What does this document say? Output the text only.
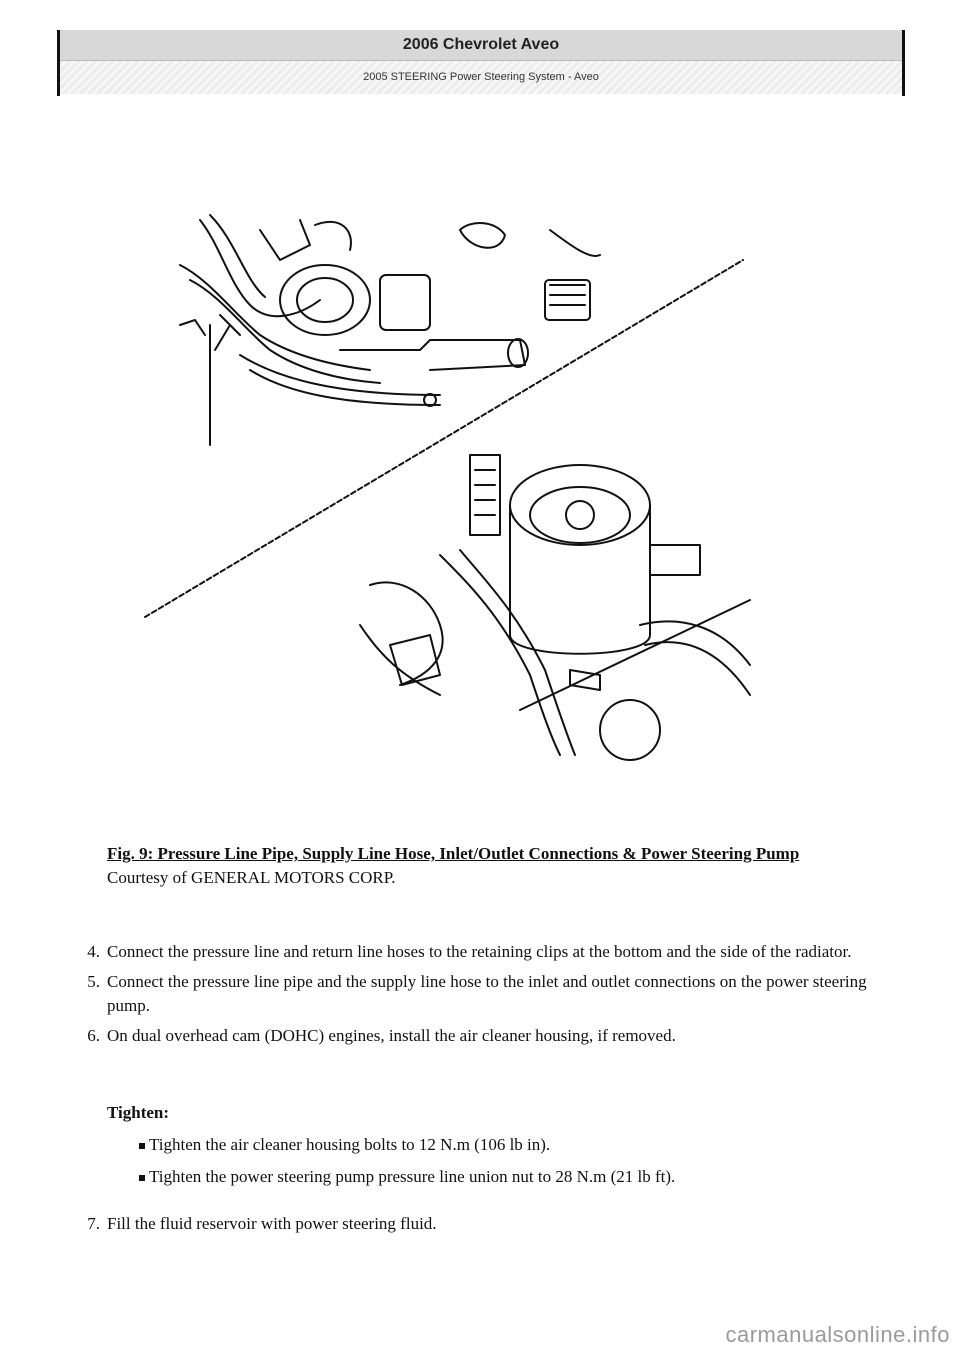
2006 Chevrolet Aveo
2005 STEERING Power Steering System - Aveo
Fig. 9: Pressure Line Pipe, Supply Line Hose, Inlet/Outlet Connections & Power Steering Pump
Courtesy of GENERAL MOTORS CORP.
4. Connect the pressure line and return line hoses to the retaining clips at the bottom and the side of the radiator.
5. Connect the pressure line pipe and the supply line hose to the inlet and outlet connections on the power steering pump.
6. On dual overhead cam (DOHC) engines, install the air cleaner housing, if removed.
Tighten:
Tighten the air cleaner housing bolts to 12 N.m (106 lb in).
Tighten the power steering pump pressure line union nut to 28 N.m (21 lb ft).
7. Fill the fluid reservoir with power steering fluid.
carmanualsonline.info
